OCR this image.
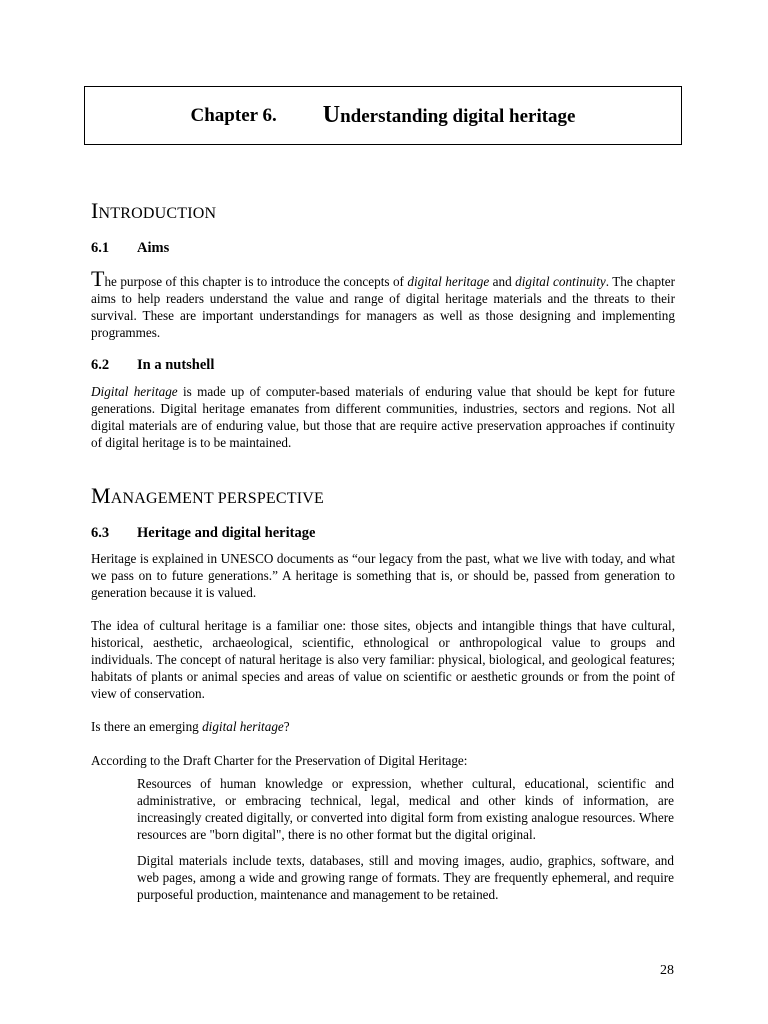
Chapter 6. Understanding digital heritage
INTRODUCTION
6.1 Aims
The purpose of this chapter is to introduce the concepts of digital heritage and digital continuity. The chapter aims to help readers understand the value and range of digital heritage materials and the threats to their survival. These are important understandings for managers as well as those designing and implementing programmes.
6.2 In a nutshell
Digital heritage is made up of computer-based materials of enduring value that should be kept for future generations. Digital heritage emanates from different communities, industries, sectors and regions. Not all digital materials are of enduring value, but those that are require active preservation approaches if continuity of digital heritage is to be maintained.
MANAGEMENT PERSPECTIVE
6.3 Heritage and digital heritage
Heritage is explained in UNESCO documents as “our legacy from the past, what we live with today, and what we pass on to future generations.” A heritage is something that is, or should be, passed from generation to generation because it is valued.
The idea of cultural heritage is a familiar one: those sites, objects and intangible things that have cultural, historical, aesthetic, archaeological, scientific, ethnological or anthropological value to groups and individuals. The concept of natural heritage is also very familiar: physical, biological, and geological features; habitats of plants or animal species and areas of value on scientific or aesthetic grounds or from the point of view of conservation.
Is there an emerging digital heritage?
According to the Draft Charter for the Preservation of Digital Heritage:
Resources of human knowledge or expression, whether cultural, educational, scientific and administrative, or embracing technical, legal, medical and other kinds of information, are increasingly created digitally, or converted into digital form from existing analogue resources. Where resources are "born digital", there is no other format but the digital original.
Digital materials include texts, databases, still and moving images, audio, graphics, software, and web pages, among a wide and growing range of formats. They are frequently ephemeral, and require purposeful production, maintenance and management to be retained.
28
